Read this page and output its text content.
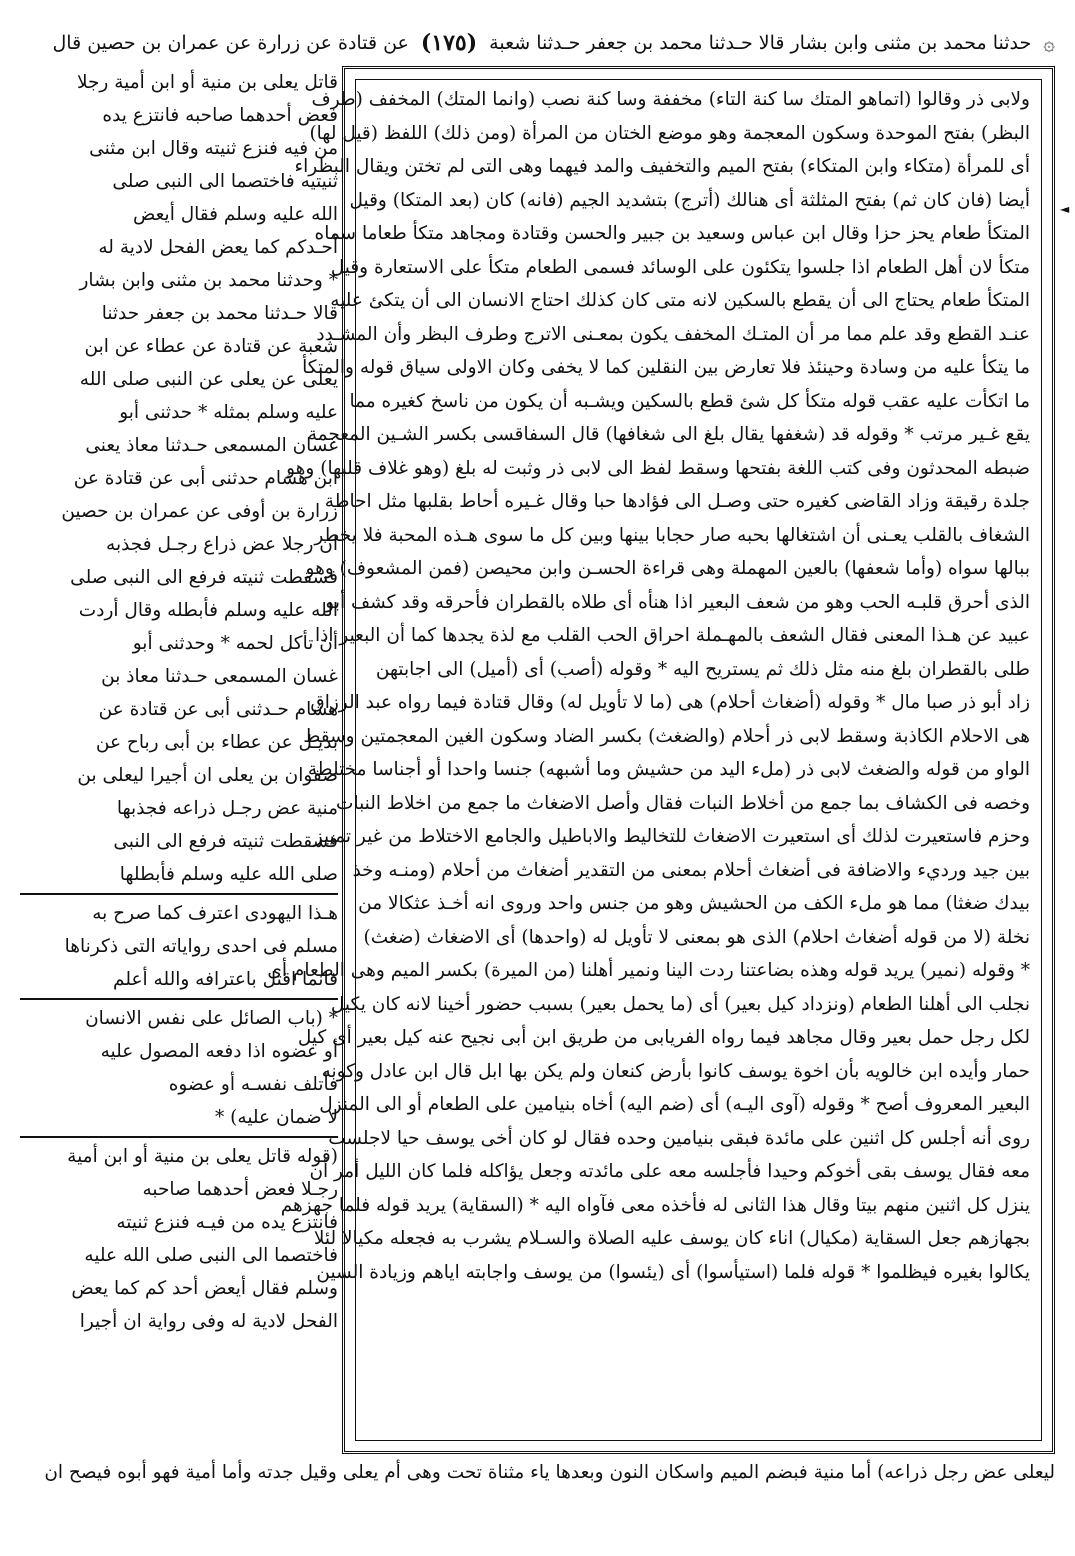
۞
حدثنا محمد بن مثنى وابن بشار قالا حـدثنا محمد بن جعفر حـدثنا شعبة
(١٧٥)
عن قتادة عن زرارة عن عمران بن حصين قال
◄
ولابى ذر وقالوا (اتماهو المتك سا كنة التاء) مخففة وسا كنة نصب (وانما المتك) المخفف (طرف
البظر) بفتح الموحدة وسكون المعجمة وهو موضع الختان من المرأة (ومن ذلك) اللفظ (قيل لها)
أى للمرأة (متكاء وابن المتكاء) بفتح الميم والتخفيف والمد فيهما وهى التى لم تختن ويقال البظراء
أيضا (فان كان ثم) بفتح المثلثة أى هنالك (أترج) بتشديد الجيم (فانه) كان (بعد المتكا) وقيل
المتكأ طعام يحز حزا وقال ابن عباس وسعيد بن جبير والحسن وقتادة ومجاهد متكأ طعاما سماه
متكأ لان أهل الطعام اذا جلسوا يتكئون على الوسائد فسمى الطعام متكأ على الاستعارة وقيل
المتكأ طعام يحتاج الى أن يقطع بالسكين لانه متى كان كذلك احتاج الانسان الى أن يتكئ عليه
عنـد القطع وقد علم مما مر أن المتـك المخفف يكون بمعـنى الاترج وطرف البظر وأن المشـدد
ما يتكأ عليه من وسادة وحينئذ فلا تعارض بين النقلين كما لا يخفى وكان الاولى سياق قوله والمتكأ
ما اتكأت عليه عقب قوله متكأ كل شئ قطع بالسكين ويشـبه أن يكون من ناسخ كغيره مما
يقع غـير مرتب * وقوله قد (شغفها يقال بلغ الى شغافها) قال السفاقسى بكسر الشـين المعجمة
ضبطه المحدثون وفى كتب اللغة بفتحها وسقط لفظ الى لابى ذر وثبت له بلغ (وهو غلاف قلبها) وهو
جلدة رقيقة وزاد القاضى كغيره حتى وصـل الى فؤادها حبا وقال غـيره أحاط بقلبها مثل احاطة
الشغاف بالقلب يعـنى أن اشتغالها بحبه صار حجابا بينها وبين كل ما سوى هـذه المحبة فلا يخطر
ببالها سواه (وأما شعفها) بالعين المهملة وهى قراءة الحسـن وابن محيصن (فمن المشعوف) وهو
الذى أحرق قلبـه الحب وهو من شعف البعير اذا هنأه أى طلاه بالقطران فأحرقه وقد كشف أبو
عبيد عن هـذا المعنى فقال الشعف بالمهـملة احراق الحب القلب مع لذة يجدها كما أن البعير اذا
طلى بالقطران بلغ منه مثل ذلك ثم يستريح اليه * وقوله (أصب) أى (أميل) الى اجابتهن
زاد أبو ذر صبا مال * وقوله (أضغاث أحلام) هى (ما لا تأويل له) وقال قتادة فيما رواه عبد الرزاق
هى الاحلام الكاذبة وسقط لابى ذر أحلام (والضغث) بكسر الضاد وسكون الغين المعجمتين وسقط
الواو من قوله والضغث لابى ذر (ملء اليد من حشيش وما أشبهه) جنسا واحدا أو أجناسا مختلطة
وخصه فى الكشاف بما جمع من أخلاط النبات فقال وأصل الاضغاث ما جمع من اخلاط النبات
وحزم فاستعيرت لذلك أى استعيرت الاضغاث للتخاليط والاباطيل والجامع الاختلاط من غير تمييز
بين جيد ورديء والاضافة فى أضغاث أحلام بمعنى من التقدير أضغاث من أحلام (ومنـه وخذ
بيدك ضغثا) مما هو ملء الكف من الحشيش وهو من جنس واحد وروى انه أخـذ عثكالا من
نخلة (لا من قوله أضغاث احلام) الذى هو بمعنى لا تأويل له (واحدها) أى الاضغاث (ضغث)
* وقوله (نمير) يريد قوله وهذه بضاعتنا ردت الينا ونمير أهلنا (من الميرة) بكسر الميم وهى الطعام أى
نجلب الى أهلنا الطعام (ونزداد كيل بعير) أى (ما يحمل بعير) بسبب حضور أخينا لانه كان يكيل
لكل رجل حمل بعير وقال مجاهد فيما رواه الفريابى من طريق ابن أبى نجيح عنه كيل بعير أى كيل
حمار وأيده ابن خالويه بأن اخوة يوسف كانوا بأرض كنعان ولم يكن بها ابل قال ابن عادل وكونه
البعير المعروف أصح * وقوله (آوى اليـه) أى (ضم اليه) أخاه بنيامين على الطعام أو الى المنزل
روى أنه أجلس كل اثنين على مائدة فبقى بنيامين وحده فقال لو كان أخى يوسف حيا لاجلست
معه فقال يوسف بقى أخوكم وحيدا فأجلسه معه على مائدته وجعل يؤاكله فلما كان الليل أمر أن
ينزل كل اثنين منهم بيتا وقال هذا الثانى له فأخذه معى فآواه اليه * (السقاية) يريد قوله فلما جهزهم
بجهازهم جعل السقاية (مكيال) اناء كان يوسف عليه الصلاة والسـلام يشرب به فجعله مكيالا لئلا
يكالوا بغيره فيظلموا * قوله فلما (استيأسوا) أى (يئسوا) من يوسف واجابته اياهم وزيادة السين
قاتل يعلى بن منية أو ابن أمية رجلا
فعض أحدهما صاحبه فانتزع يده
من فيه فنزع ثنيته وقال ابن مثنى
ثنيتيه فاختصما الى النبى صلى
الله عليه وسلم فقال أيعض
أحـدكم كما يعض الفحل لادية له
* وحدثنا محمد بن مثنى وابن بشار
قالا حـدثنا محمد بن جعفر حدثنا
شعبة عن قتادة عن عطاء عن ابن
يعلى عن يعلى عن النبى صلى الله
عليه وسلم بمثله * حدثنى أبو
غسان المسمعى حـدثنا معاذ يعنى
ابن هشام حدثنى أبى عن قتادة عن
زرارة بن أوفى عن عمران بن حصين
ان رجلا عض ذراع رجـل فجذبه
فسقطت ثنيته فرفع الى النبى صلى
الله عليه وسلم فأبطله وقال أردت
أن تأكل لحمه * وحدثنى أبو
غسان المسمعى حـدثنا معاذ بن
هشام حـدثنى أبى عن قتادة عن
بديـل عن عطاء بن أبى رباح عن
صفوان بن يعلى ان أجيرا ليعلى بن
منية عض رجـل ذراعه فجذبها
فسقطت ثنيته فرفع الى النبى
صلى الله عليه وسلم فأبطلها
هـذا اليهودى اعترف كما صرح به
مسلم فى احدى رواياته التى ذكرناها
فانما اقتل باعترافه والله أعلم
* (باب الصائل على نفس الانسان
أو عضوه اذا دفعه المصول عليه
فأتلف نفسـه أو عضوه
لا ضمان عليه) *
(قوله قاتل يعلى بن منية أو ابن أمية
رجـلا فعض أحدهما صاحبه
فانتزع يده من فيـه فنزع ثنيته
فاختصما الى النبى صلى الله عليه
وسلم فقال أيعض أحد كم كما يعض
الفحل لادية له وفى رواية ان أجيرا
ليعلى عض رجل ذراعه) أما منية فبضم الميم واسكان النون وبعدها ياء مثناة تحت وهى أم يعلى وقيل جدته وأما أمية فهو أبوه فيصح ان
